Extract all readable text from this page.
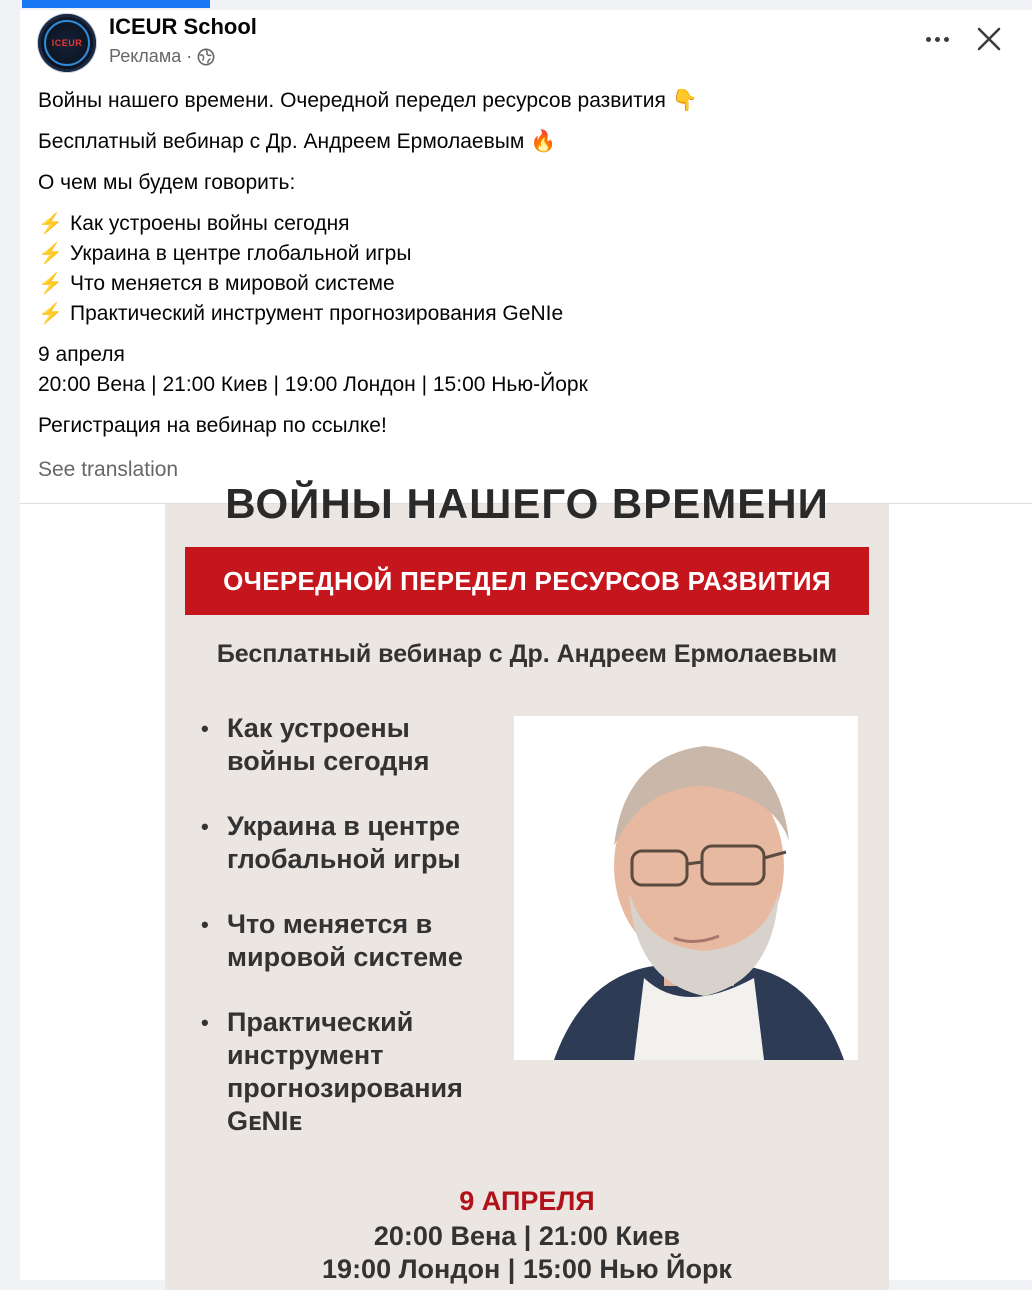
ICEUR
ICEUR School
Реклама ·

Войны нашего времени. Очередной передел ресурсов развития 👇

Бесплатный вебинар с Др. Андреем Ермолаевым 🔥

О чем мы будем говорить:

⚡ Как устроены войны сегодня
⚡ Украина в центре глобальной игры
⚡ Что меняется в мировой системе
⚡ Практический инструмент прогнозирования GeNIe

9 апреля
20:00 Вена | 21:00 Киев | 19:00 Лондон | 15:00 Нью-Йорк

Регистрация на вебинар по ссылке!

See translation
ВОЙНЫ НАШЕГО ВРЕМЕНИ
ОЧЕРЕДНОЙ ПЕРЕДЕЛ РЕСУРСОВ РАЗВИТИЯ
Бесплатный вебинар с Др. Андреем Ермолаевым
• Как устроены
войны сегодня
• Украина в центре
глобальной игры
• Что меняется в
мировой системе
• Практический
инструмент
прогнозирования
GᴇNIᴇ
9 АПРЕЛЯ
20:00 Вена | 21:00 Киев
19:00 Лондон | 15:00 Нью Йорк
